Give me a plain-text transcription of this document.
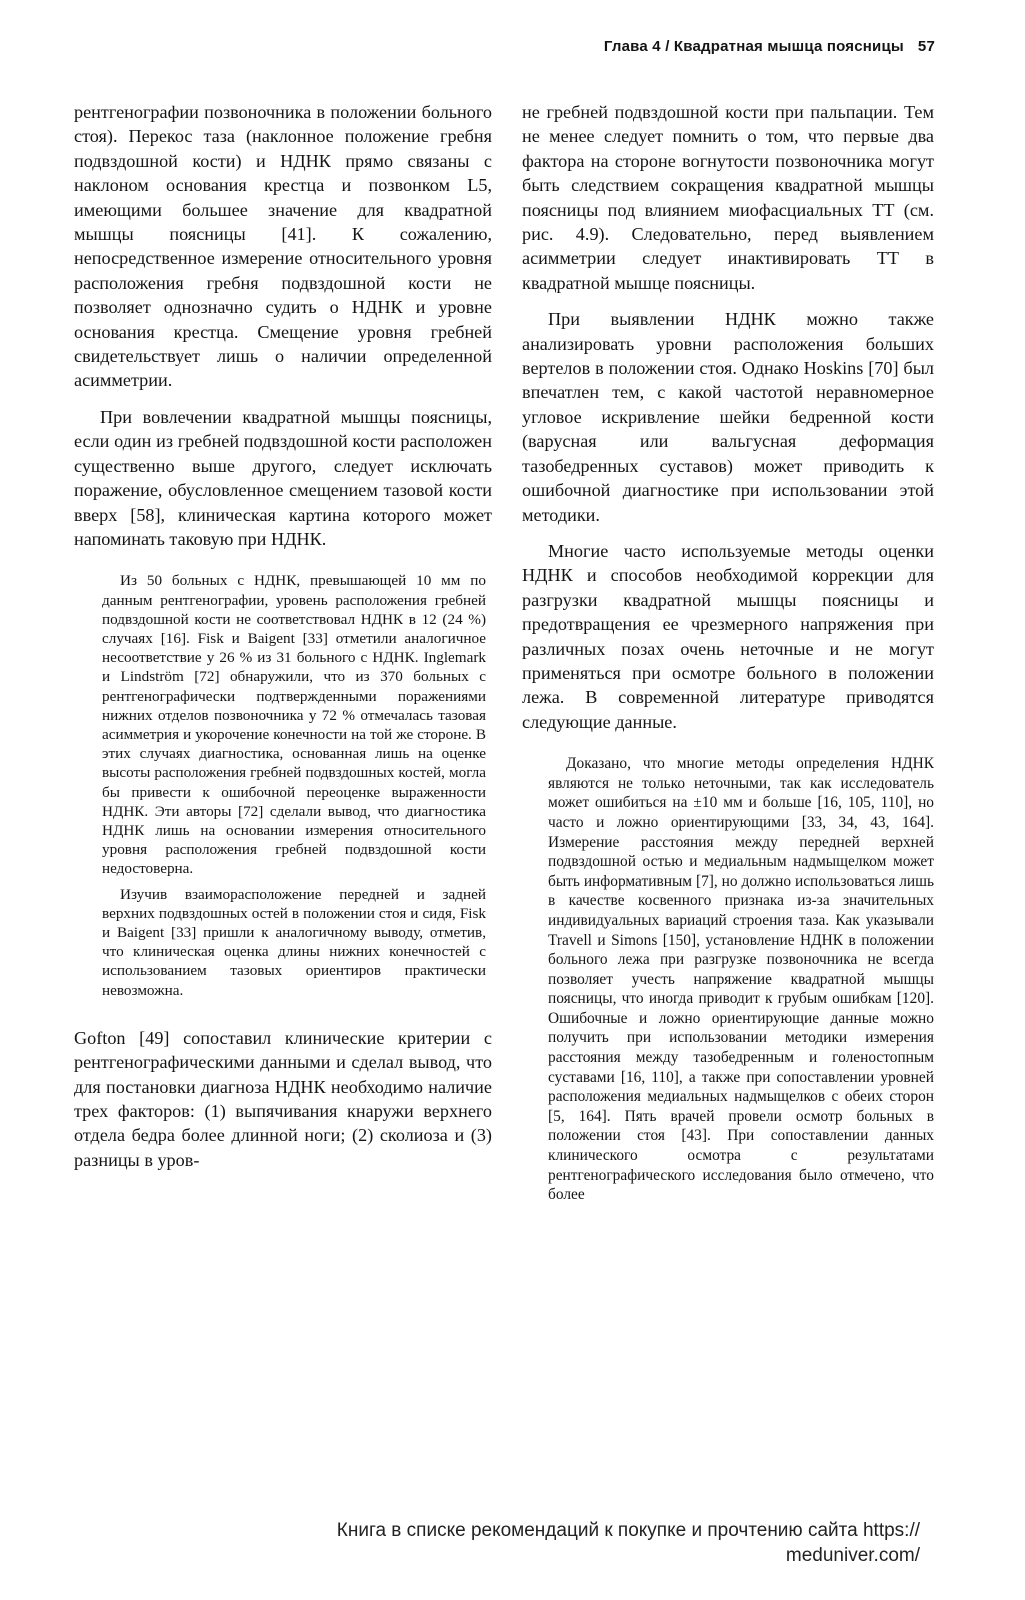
Глава 4 / Квадратная мышца поясницы 57

рентгенографии позвоночника в положении больного стоя). Перекос таза (наклонное положение гребня подвздошной кости) и НДНК прямо связаны с наклоном основания крестца и позвонком L5, имеющими большее значение для квадратной мышцы поясницы [41]. К сожалению, непосредственное измерение относительного уровня расположения гребня подвздошной кости не позволяет однозначно судить о НДНК и уровне основания крестца. Смещение уровня гребней свидетельствует лишь о наличии определенной асимметрии.

При вовлечении квадратной мышцы поясницы, если один из гребней подвздошной кости расположен существенно выше другого, следует исключать поражение, обусловленное смещением тазовой кости вверх [58], клиническая картина которого может напоминать таковую при НДНК.

Из 50 больных с НДНК, превышающей 10 мм по данным рентгенографии, уровень расположения гребней подвздошной кости не соответствовал НДНК в 12 (24 %) случаях [16]. Fisk и Baigent [33] отметили аналогичное несоответствие у 26 % из 31 больного с НДНК. Inglemark и Lindström [72] обнаружили, что из 370 больных с рентгенографически подтвержденными поражениями нижних отделов позвоночника у 72 % отмечалась тазовая асимметрия и укорочение конечности на той же стороне. В этих случаях диагностика, основанная лишь на оценке высоты расположения гребней подвздошных костей, могла бы привести к ошибочной переоценке выраженности НДНК. Эти авторы [72] сделали вывод, что диагностика НДНК лишь на основании измерения относительного уровня расположения гребней подвздошной кости недостоверна.

Изучив взаиморасположение передней и задней верхних подвздошных остей в положении стоя и сидя, Fisk и Baigent [33] пришли к аналогичному выводу, отметив, что клиническая оценка длины нижних конечностей с использованием тазовых ориентиров практически невозможна.

Gofton [49] сопоставил клинические критерии с рентгенографическими данными и сделал вывод, что для постановки диагноза НДНК необходимо наличие трех факторов: (1) выпячивания кнаружи верхнего отдела бедра более длинной ноги; (2) сколиоза и (3) разницы в уров-

не гребней подвздошной кости при пальпации. Тем не менее следует помнить о том, что первые два фактора на стороне вогнутости позвоночника могут быть следствием сокращения квадратной мышцы поясницы под влиянием миофасциальных ТТ (см. рис. 4.9). Следовательно, перед выявлением асимметрии следует инактивировать ТТ в квадратной мышце поясницы.

При выявлении НДНК можно также анализировать уровни расположения больших вертелов в положении стоя. Однако Hoskins [70] был впечатлен тем, с какой частотой неравномерное угловое искривление шейки бедренной кости (варусная или вальгусная деформация тазобедренных суставов) может приводить к ошибочной диагностике при использовании этой методики.

Многие часто используемые методы оценки НДНК и способов необходимой коррекции для разгрузки квадратной мышцы поясницы и предотвращения ее чрезмерного напряжения при различных позах очень неточные и не могут применяться при осмотре больного в положении лежа. В современной литературе приводятся следующие данные.

Доказано, что многие методы определения НДНК являются не только неточными, так как исследователь может ошибиться на ±10 мм и больше [16, 105, 110], но часто и ложно ориентирующими [33, 34, 43, 164]. Измерение расстояния между передней верхней подвздошной остью и медиальным надмыщелком может быть информативным [7], но должно использоваться лишь в качестве косвенного признака из-за значительных индивидуальных вариаций строения таза. Как указывали Travell и Simons [150], установление НДНК в положении больного лежа при разгрузке позвоночника не всегда позволяет учесть напряжение квадратной мышцы поясницы, что иногда приводит к грубым ошибкам [120]. Ошибочные и ложно ориентирующие данные можно получить при использовании методики измерения расстояния между тазобедренным и голеностопным суставами [16, 110], а также при сопоставлении уровней расположения медиальных надмыщелков с обеих сторон [5, 164]. Пять врачей провели осмотр больных в положении стоя [43]. При сопоставлении данных клинического осмотра с результатами рентгенографического исследования было отмечено, что более

Книга в списке рекомендаций к покупке и прочтению сайта https://
meduniver.com/
